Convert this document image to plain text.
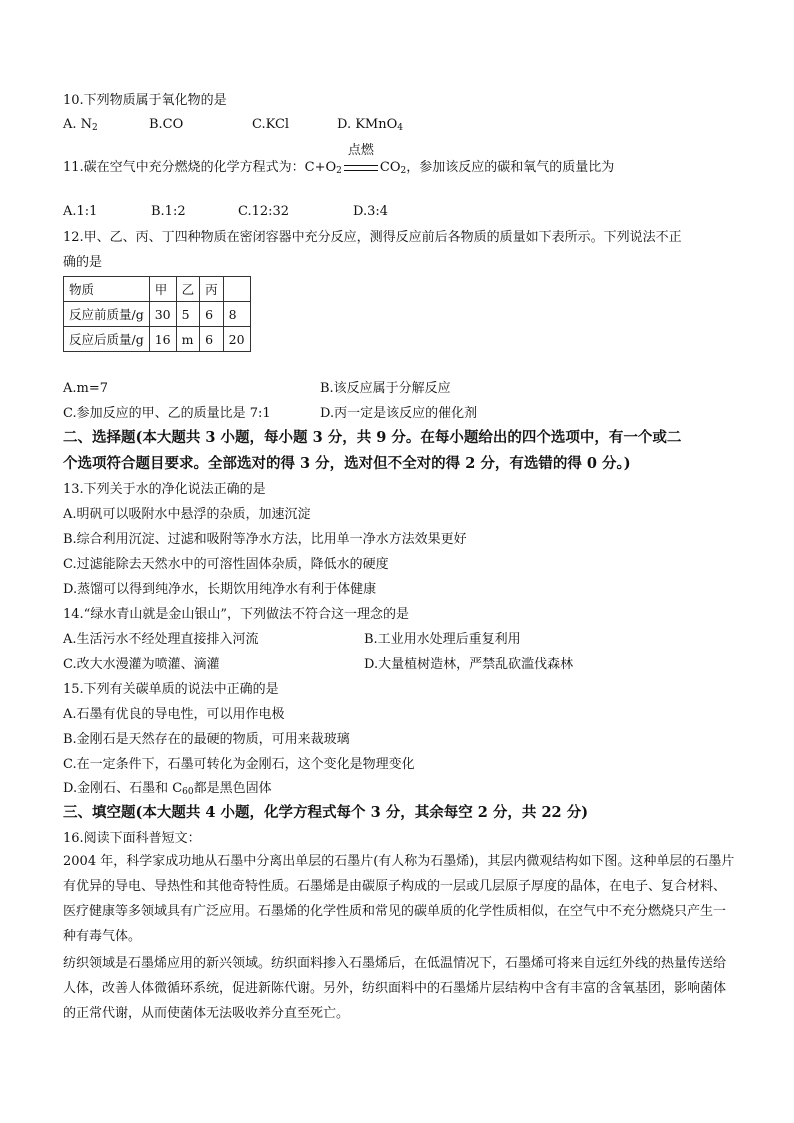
10.下列物质属于氧化物的是
A. $N_2$	B.CO	C.KCl	D. KMnO$_4$
11.碳在空气中充分燃烧的化学方程式为：$C+O_2$
点燃
$CO_2$，参加该反应的碳和氧气的质量比为
A.1:1	B.1:2	C.12:32	D.3:4
12.甲、乙、丙、丁四种物质在密闭容器中充分反应，测得反应前后各物质的质量如下表所示。下列说法不正
确的是
物质	甲	乙	丙	
反应前质量/g	30	5	6	8
反应后质量/g	16	m	6	20
A.m=7	B.该反应属于分解反应
C.参加反应的甲、乙的质量比是 7:1	D.丙一定是该反应的催化剂
二、选择题(本大题共 3 小题，每小题 3 分，共 9 分。在每小题给出的四个选项中，有一个或二
个选项符合题目要求。全部选对的得 3 分，选对但不全对的得 2 分，有选错的得 0 分。)
13.下列关于水的净化说法正确的是
A.明矾可以吸附水中悬浮的杂质，加速沉淀
B.综合利用沉淀、过滤和吸附等净水方法，比用单一净水方法效果更好
C.过滤能除去天然水中的可溶性固体杂质，降低水的硬度
D.蒸馏可以得到纯净水，长期饮用纯净水有利于体健康
14.“绿水青山就是金山银山”，下列做法不符合这一理念的是
A.生活污水不经处理直接排入河流	B.工业用水处理后重复利用
C.改大水漫灌为喷灌、滴灌	D.大量植树造林，严禁乱砍滥伐森林
15.下列有关碳单质的说法中正确的是
A.石墨有优良的导电性，可以用作电极
B.金刚石是天然存在的最硬的物质，可用来裁玻璃
C.在一定条件下，石墨可转化为金刚石，这个变化是物理变化
D.金刚石、石墨和 $C_{60}$都是黑色固体
三、填空题(本大题共 4 小题，化学方程式每个 3 分，其余每空 2 分，共 22 分)
16.阅读下面科普短文：
2004 年，科学家成功地从石墨中分离出单层的石墨片(有人称为石墨烯)，其层内微观结构如下图。这种单层的石墨片有优异的导电、导热性和其他奇特性质。石墨烯是由碳原子构成的一层或几层原子厚度的晶体，在电子、复合材料、医疗健康等多领域具有广泛应用。石墨烯的化学性质和常见的碳单质的化学性质相似，在空气中不充分燃烧只产生一种有毒气体。
纺织领域是石墨烯应用的新兴领域。纺织面料掺入石墨烯后，在低温情况下，石墨烯可将来自远红外线的热量传送给人体，改善人体微循环系统，促进新陈代谢。另外，纺织面料中的石墨烯片层结构中含有丰富的含氧基团，影响菌体的正常代谢，从而使菌体无法吸收养分直至死亡。
